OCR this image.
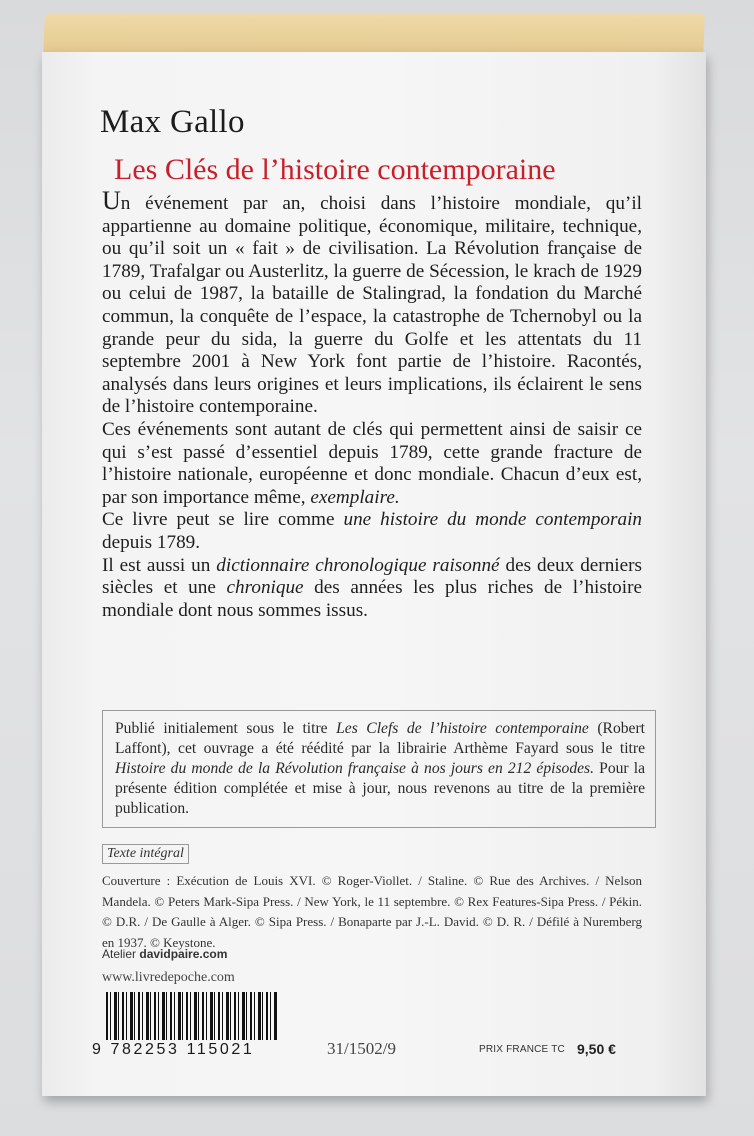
Max Gallo
Les Clés de l’histoire contemporaine

Un événement par an, choisi dans l’histoire mondiale, qu’il appartienne au domaine politique, économique, militaire, technique, ou qu’il soit un « fait » de civilisation. La Révolution française de 1789, Trafalgar ou Austerlitz, la guerre de Sécession, le krach de 1929 ou celui de 1987, la bataille de Stalingrad, la fondation du Marché commun, la conquête de l’espace, la catastrophe de Tchernobyl ou la grande peur du sida, la guerre du Golfe et les attentats du 11 septembre 2001 à New York font partie de l’histoire. Racontés, analysés dans leurs origines et leurs implications, ils éclairent le sens de l’histoire contemporaine.

Ces événements sont autant de clés qui permettent ainsi de saisir ce qui s’est passé d’essentiel depuis 1789, cette grande fracture de l’histoire nationale, européenne et donc mondiale. Chacun d’eux est, par son importance même, exemplaire.

Ce livre peut se lire comme une histoire du monde contemporain depuis 1789.

Il est aussi un dictionnaire chronologique raisonné des deux derniers siècles et une chronique des années les plus riches de l’histoire mondiale dont nous sommes issus.

Publié initialement sous le titre Les Clefs de l’histoire contemporaine (Robert Laffont), cet ouvrage a été réédité par la librairie Arthème Fayard sous le titre Histoire du monde de la Révolution française à nos jours en 212 épisodes. Pour la présente édition complétée et mise à jour, nous revenons au titre de la première publication.
Texte intégral
Couverture : Exécution de Louis XVI. © Roger-Viollet. / Staline. © Rue des Archives. / Nelson Mandela. © Peters Mark-Sipa Press. / New York, le 11 septembre. © Rex Features-Sipa Press. / Pékin. © D.R. / De Gaulle à Alger. © Sipa Press. / Bonaparte par J.-L. David. © D. R. / Défilé à Nuremberg en 1937. © Keystone.
Atelier davidpaire.com
www.livredepoche.com
9 782253 115021	31/1502/9	PRIX FRANCE TC 9,50 €
